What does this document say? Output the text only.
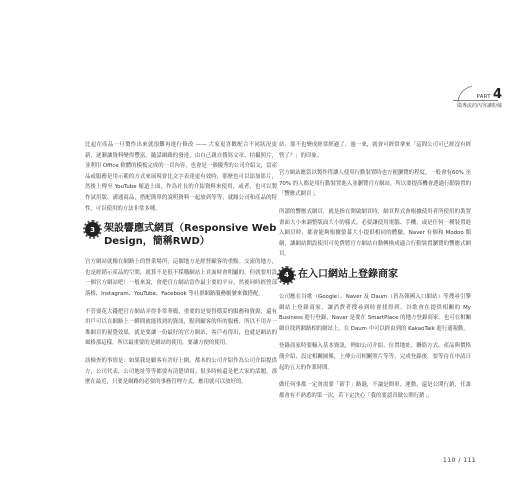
PART 4
做導流的內容讓粉絲

比起在產品一旦製作出來就很難再進行修改 —— 大家更喜歡配合不同狀況更新，逐漸讓資料變得豐富。隨話網路的發達，由自己親自撰寫文章、拍攝照片，並利用 Office 軟體的模板完成的一頁內容，也會是一個優秀的公司介紹文，當產品或服務是用示範的方式來展現會比文字表達更有效時，那麼也可以添加影片，然後上傳至 YouTube 頻道上面，作為社長的介紹資料來使用，或者，也可以製作試用版、溝通商品，搭配簡單的說明資料一起放到等等，就緣公司和產品的特性，可以使用的方法非常多種。

3 架設響應式網頁（Responsive Web Design，簡稱RWD）

官方網站就像在網路上的營業場所，這個地方是經營顧客的重點。交流的地方，也是經銷示產品的空間，就算不是很不採購網站上頁面時會明顯的，但就要用設一個官方網站吧！一般來說，會把官方網站當作最主要的平台，然後同時經營部落格、Instagram、YouTube、Facebook 等社群網路服務帳號來做搭配。

不管要花大錢把官方網站弄得非常華麗，重要的是要得穩妥的服務和資源，還有用戶可以在網路上一瞬間就能找到的資訊，點到顧客的所的服務，所以不用弄一堆網頁的視覺效果，就是要讓一份最好的官方網站，客戶看得出，也就是網站的風格那這樣。所以最重要的是網站的使用，要讓方便的使用。

該檢查的事情是：如果我是顧客有許好上網，都本的公司介紹作為公司介紹提供方，公司代表，公司地址等等都要有清楚填寫；很多時候還是把大家的話題，那麼在最近，只要是網路的必要的事務管理方式，應用就可以放好的。

站，那不也變成經常經過了。過一來，就會可經常拿來「這間公司可已經沒有經營了？」的印象。

官方網站應當以製作得讓人使用行動裝置時也方便瀏覽的程度。一般會有60% 至 70% 的人都是用行動裝置進入並瀏覽官方網站，所以要提高機會透過行動裝置的「響應式網頁」。

所謂的響應式網頁，就是指在開啟網頁時，網頁程式會根據使用者所使用的裝置畫面大小來調整版面大小的樣式。必要讓使用電腦、手機，或是任何一種裝置進入網頁時，都會能夠根據螢幕大小提供相同的體驗。Naver 有個和 Modoo 類網，讓網站開設使用可免費將官方網站自動轉換成適合行動裝置瀏覽的響應式網頁。

4 在入口網站上登錄商家

公司應在谷歌（Google）、Naver 及 Daum（皆為韓國入口網站）等搜尋引擎網站上登錄商家，讓消費者搜尋到時會找得到。谷歌會在提供相關的 My Business 進行登錄，Naver 是要在 SmartPlace 的地方登錄商家。也可在相關網頁找到網路相的網站上，在 Daum 中可以經由到的 KakaoTalk 進行通報動。

登錄商家時要輸入基本資訊，例如公司介紹、位置地址、聯絡方式、產品與價格簡介紹、設定相關圖像，上傳公司相關照片等等，完成登錄後，要等待在申請日起的五天的作業時間。

做任何事都一定會需要「新手」路過，不論是開車、運動，還是公開行銷，任誰都會有不熟悉的第一次，若下定決心「我的要認真做公開行銷」。

110 / 111
